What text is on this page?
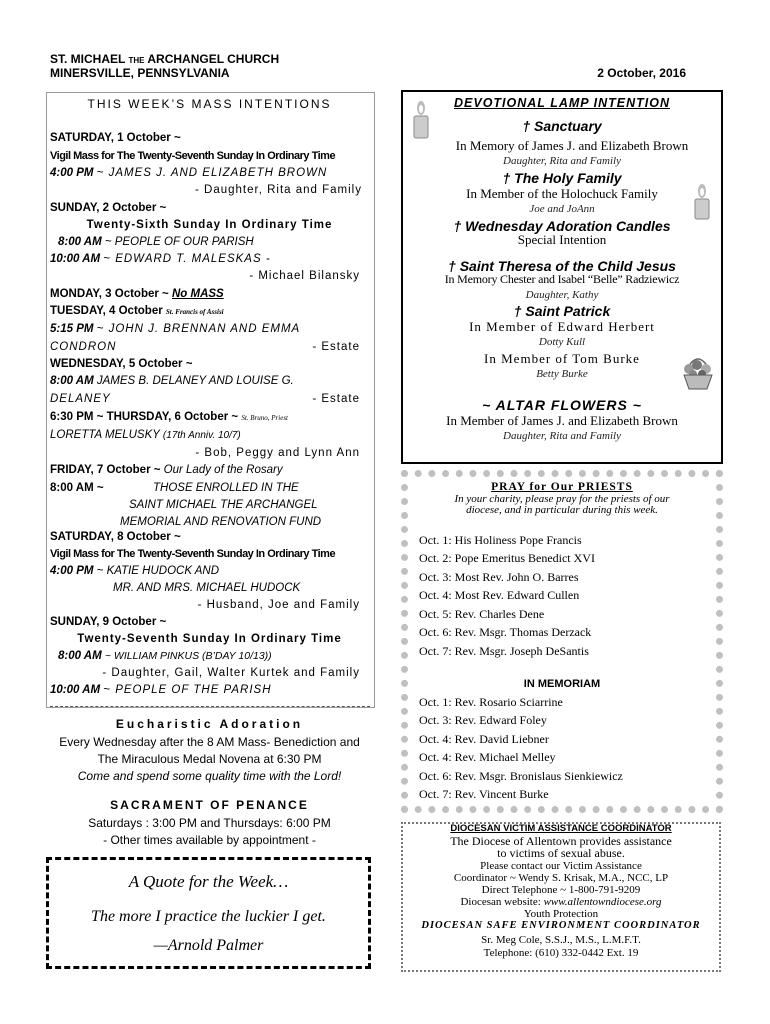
ST. MICHAEL THE ARCHANGEL CHURCH
MINERSVILLE, PENNSYLVANIA	2 October, 2016
THIS WEEK’S MASS INTENTIONS
SATURDAY, 1 October ~
Vigil Mass for The Twenty-Seventh Sunday In Ordinary Time
4:00 PM ~ JAMES J. AND ELIZABETH BROWN
- Daughter, Rita and Family
SUNDAY, 2 October ~
Twenty-Sixth Sunday In Ordinary Time
8:00 AM ~ PEOPLE OF OUR PARISH
10:00 AM ~ EDWARD T. MALESKAS -
- Michael Bilansky
MONDAY, 3 October ~ No MASS
TUESDAY, 4 October St. Francis of Assisi
5:15 PM ~ JOHN J. BRENNAN AND EMMA
CONDRON	- Estate
WEDNESDAY, 5 October ~
8:00 AM JAMES B. DELANEY AND LOUISE G.
DELANEY	- Estate
6:30 PM ~ THURSDAY, 6 October ~ St. Bruno, Priest
LORETTA MELUSKY (17th Anniv. 10/7)
- Bob, Peggy and Lynn Ann
FRIDAY, 7 October ~ Our Lady of the Rosary
8:00 AM ~	THOSE ENROLLED IN THE
SAINT MICHAEL THE ARCHANGEL
MEMORIAL AND RENOVATION FUND
SATURDAY, 8 October ~
Vigil Mass for The Twenty-Seventh Sunday In Ordinary Time
4:00 PM ~ KATIE HUDOCK AND
MR. AND MRS. MICHAEL HUDOCK
- Husband, Joe and Family
SUNDAY, 9 October ~
Twenty-Seventh Sunday In Ordinary Time
8:00 AM ~ WILLIAM PINKUS (B’DAY 10/13))
- Daughter, Gail, Walter Kurtek and Family
10:00 AM ~ PEOPLE OF THE PARISH
Eucharistic Adoration
Every Wednesday after the 8 AM Mass- Benediction and
The Miraculous Medal Novena at 6:30 PM
Come and spend some quality time with the Lord!
SACRAMENT OF PENANCE
Saturdays : 3:00 PM and Thursdays: 6:00 PM
- Other times available by appointment -
A Quote for the Week…
The more I practice the luckier I get.
—Arnold Palmer
DEVOTIONAL LAMP INTENTION
† Sanctuary
In Memory of James J. and Elizabeth Brown
Daughter, Rita and Family
† The Holy Family
In Member of the Holochuck Family
Joe and JoAnn
† Wednesday Adoration Candles
Special Intention
† Saint Theresa of the Child Jesus
In Memory Chester and Isabel “Belle” Radziewicz
Daughter, Kathy
† Saint Patrick
In Member of Edward Herbert
Dotty Kull
In Member of Tom Burke
Betty Burke
~ ALTAR FLOWERS ~
In Member of James J. and Elizabeth Brown
Daughter, Rita and Family
PRAY for Our PRIESTS
In your charity, please pray for the priests of our
diocese, and in particular during this week.
Oct. 1: His Holiness Pope Francis
Oct. 2: Pope Emeritus Benedict XVI
Oct. 3: Most Rev. John O. Barres
Oct. 4: Most Rev. Edward Cullen
Oct. 5: Rev. Charles Dene
Oct. 6: Rev. Msgr. Thomas Derzack
Oct. 7: Rev. Msgr. Joseph DeSantis
IN MEMORIAM
Oct. 1: Rev. Rosario Sciarrine
Oct. 3: Rev. Edward Foley
Oct. 4: Rev. David Liebner
Oct. 4: Rev. Michael Melley
Oct. 6: Rev. Msgr. Bronislaus Sienkiewicz
Oct. 7: Rev. Vincent Burke
DIOCESAN VICTIM ASSISTANCE COORDINATOR
The Diocese of Allentown provides assistance
to victims of sexual abuse.
Please contact our Victim Assistance
Coordinator ~ Wendy S. Krisak, M.A., NCC, LP
Direct Telephone ~ 1-800-791-9209
Diocesan website: www.allentowndiocese.org
Youth Protection
DIOCESAN SAFE ENVIRONMENT COORDINATOR
Sr. Meg Cole, S.S.J., M.S., L.M.F.T.
Telephone: (610) 332-0442 Ext. 19
